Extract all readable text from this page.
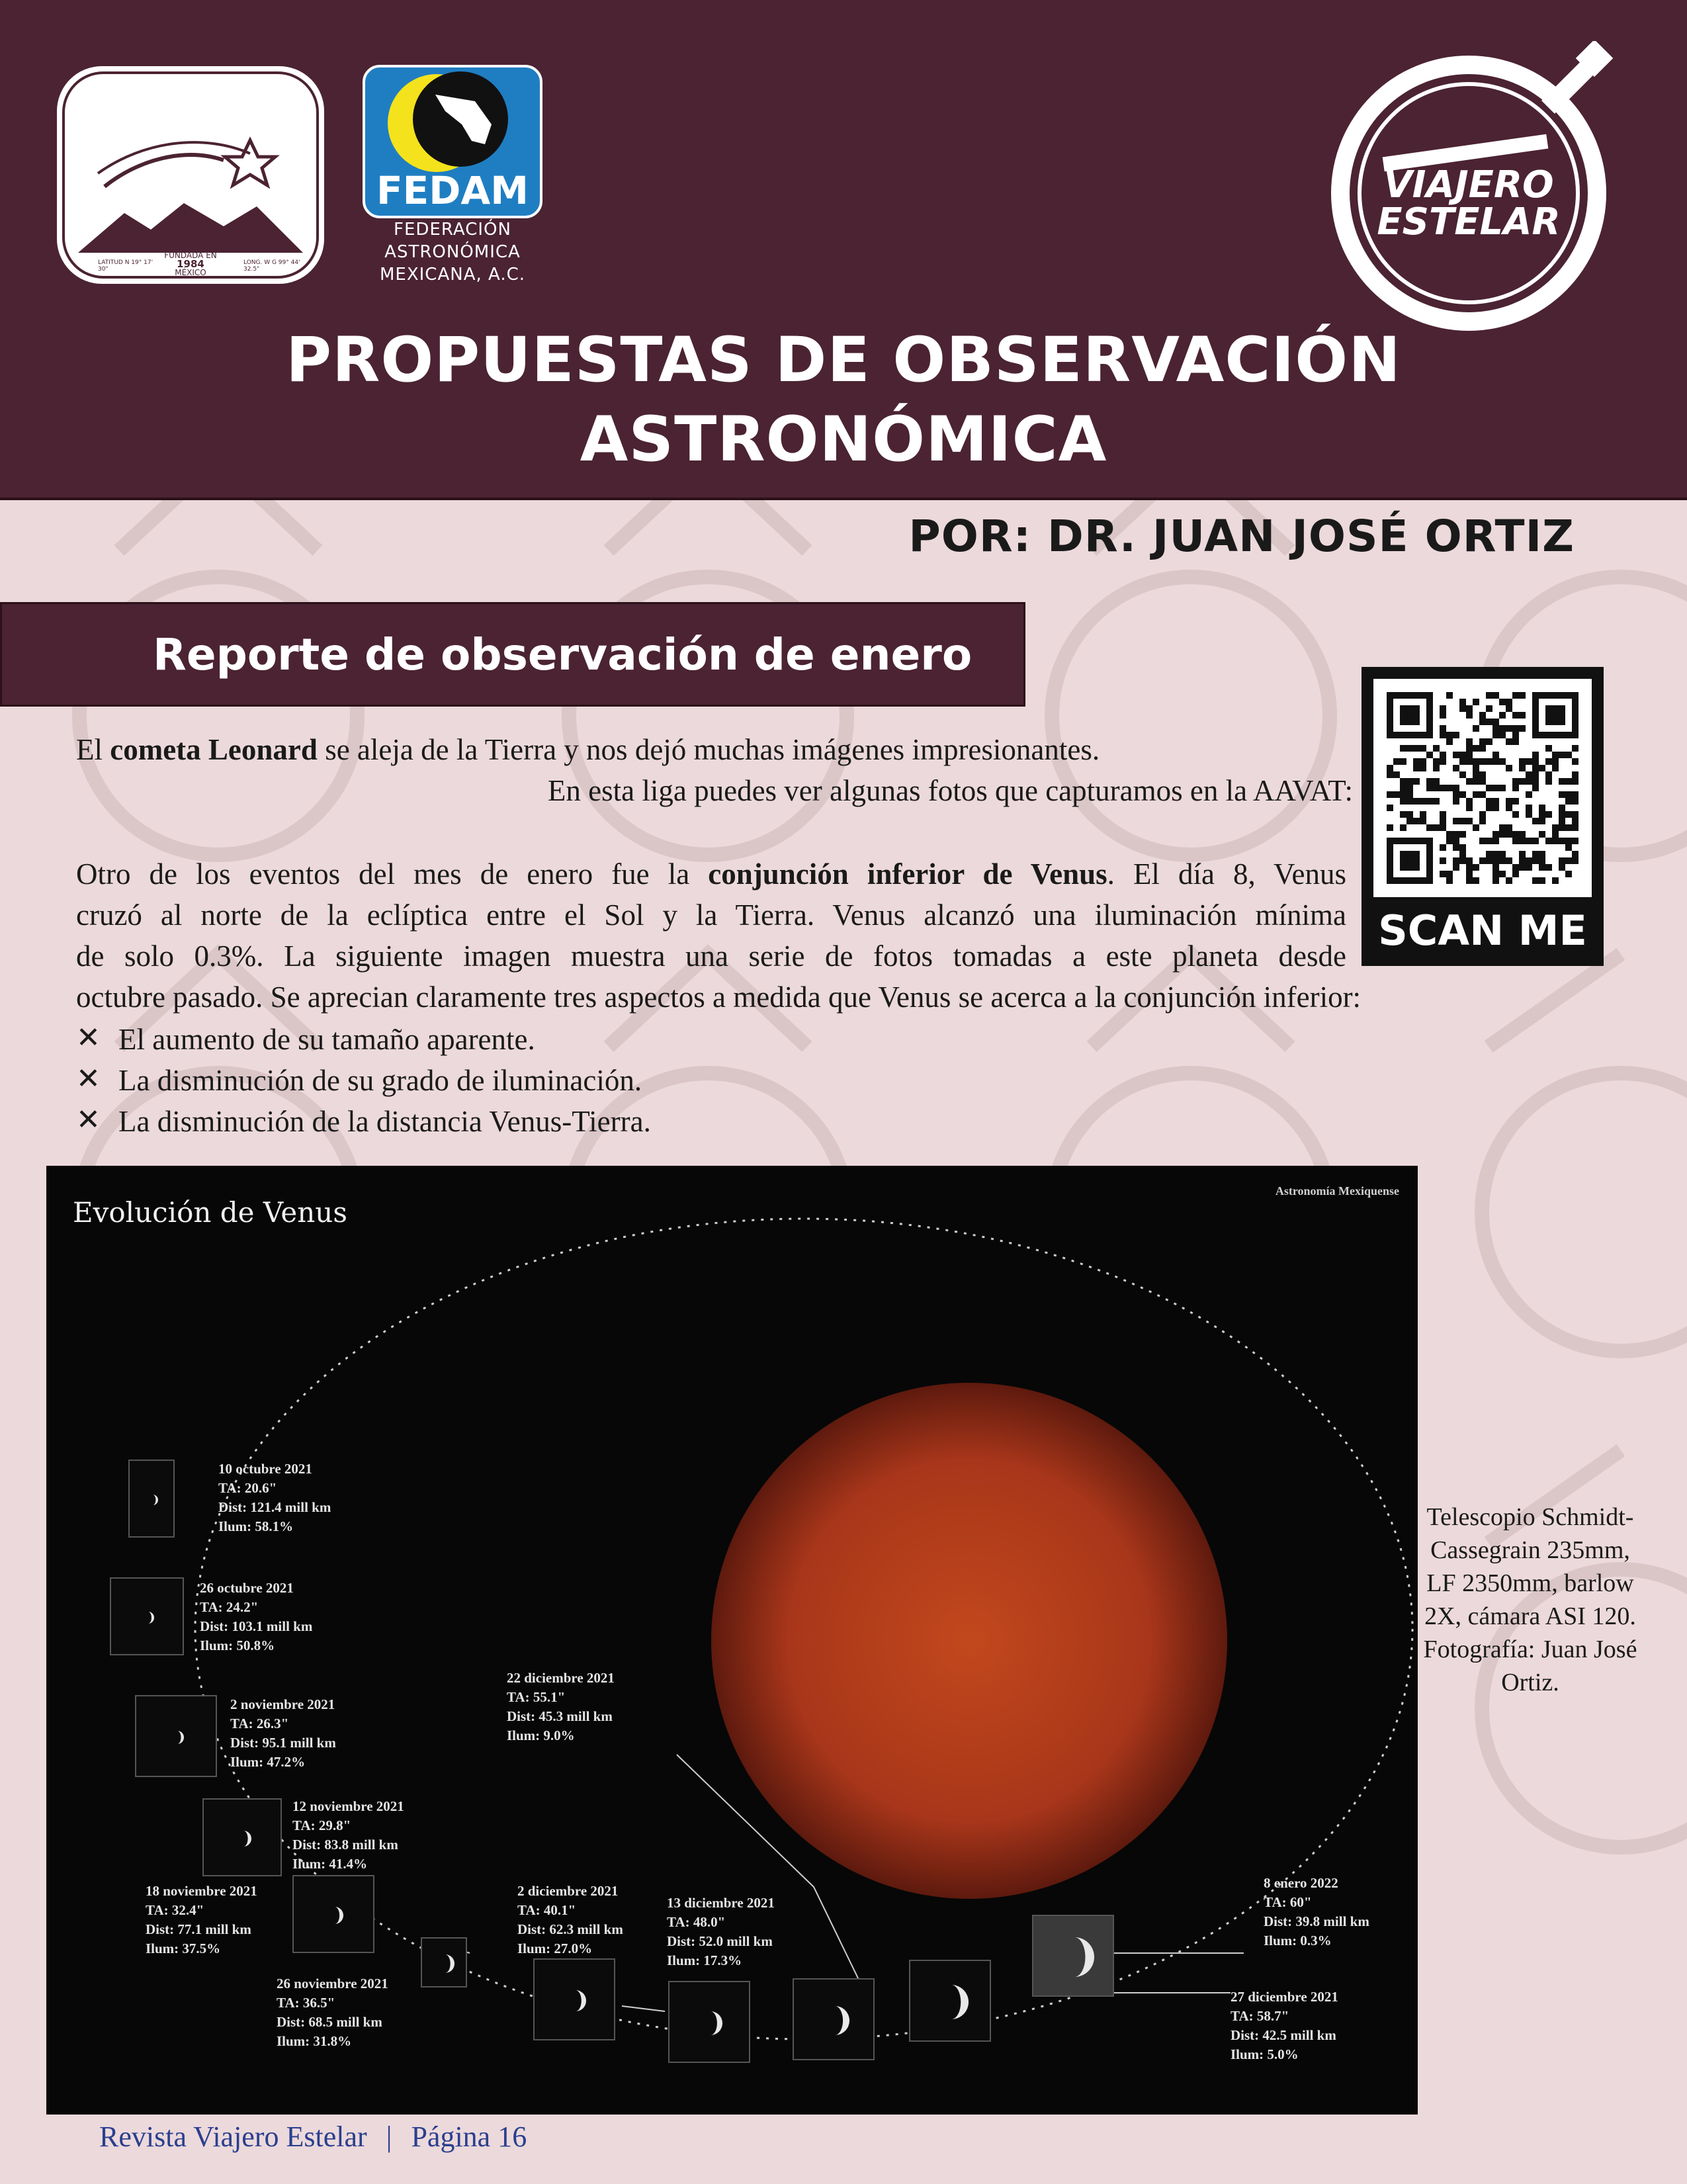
FUNDADA EN
1984
MÉXICO
LATITUD N 19° 17' 30"
LONG. W G 99° 44' 32.5"
FEDAM
FEDERACIÓN
ASTRONÓMICA
MEXICANA, A.C.
VIAJERO
ESTELAR
PROPUESTAS DE OBSERVACIÓN
ASTRONÓMICA
POR: DR. JUAN JOSÉ ORTIZ
Reporte de observación de enero
El cometa Leonard se aleja de la Tierra y nos dejó muchas imágenes impresionantes.
En esta liga puedes ver algunas fotos que capturamos en la AAVAT:
Otro de los eventos del mes de enero fue la conjunción inferior de Venus. El día 8, Venus
cruzó al norte de la eclíptica entre el Sol y la Tierra. Venus alcanzó una iluminación mínima
de solo 0.3%. La siguiente imagen muestra una serie de fotos tomadas a este planeta desde
octubre pasado. Se aprecian claramente tres aspectos a medida que Venus se acerca a la conjunción inferior:
✕ El aumento de su tamaño aparente.
✕ La disminución de su grado de iluminación.
✕ La disminución de la distancia Venus-Tierra.
SCAN ME
Evolución de Venus
Astronomía Mexiquense
10 octubre 2021
TA: 20.6"
Dist: 121.4 mill km
Ilum: 58.1%
26 octubre 2021
TA: 24.2"
Dist: 103.1 mill km
Ilum: 50.8%
2 noviembre 2021
TA: 26.3"
Dist: 95.1 mill km
Ilum: 47.2%
12 noviembre 2021
TA: 29.8"
Dist: 83.8 mill km
Ilum: 41.4%
18 noviembre 2021
TA: 32.4"
Dist: 77.1 mill km
Ilum: 37.5%
26 noviembre 2021
TA: 36.5"
Dist: 68.5 mill km
Ilum: 31.8%
2 diciembre 2021
TA: 40.1"
Dist: 62.3 mill km
Ilum: 27.0%
13 diciembre 2021
TA: 48.0"
Dist: 52.0 mill km
Ilum: 17.3%
22 diciembre 2021
TA: 55.1"
Dist: 45.3 mill km
Ilum: 9.0%
27 diciembre 2021
TA: 58.7"
Dist: 42.5 mill km
Ilum: 5.0%
8 enero 2022
TA: 60"
Dist: 39.8 mill km
Ilum: 0.3%
Telescopio Schmidt-Cassegrain 235mm, LF 2350mm, barlow 2X, cámara ASI 120. Fotografía: Juan José Ortiz.
Revista Viajero Estelar | Página 16
